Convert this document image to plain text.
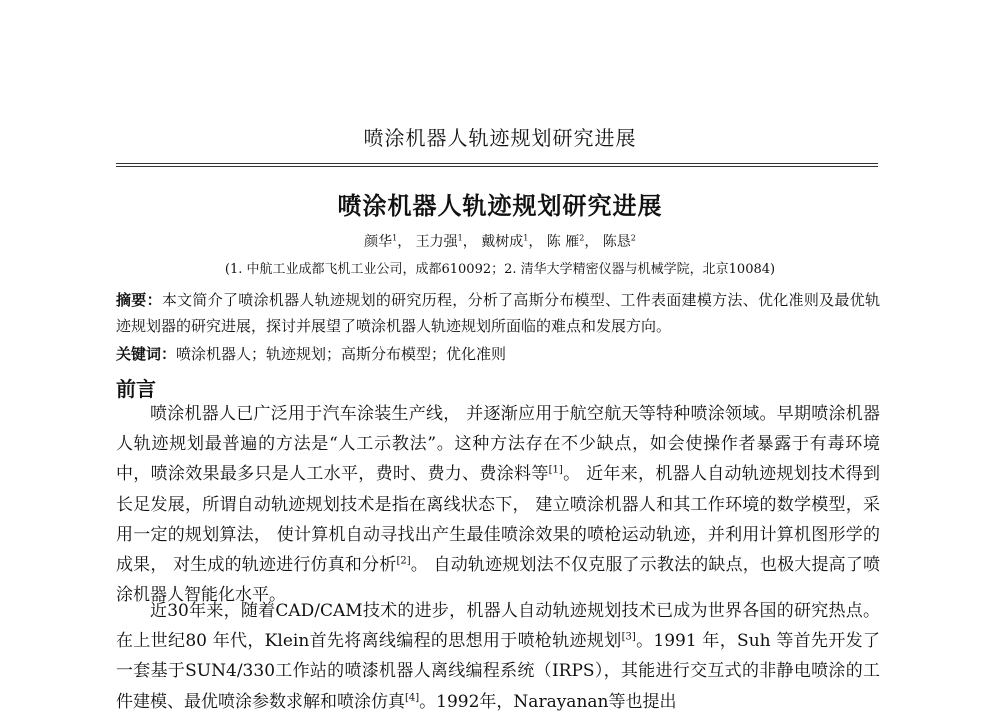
喷涂机器人轨迹规划研究进展
喷涂机器人轨迹规划研究进展
颜华$^1$， 王力强$^1$， 戴树成$^1$， 陈 雁$^2$， 陈恳$^2$
(1. 中航工业成都飞机工业公司，成都610092；2. 清华大学精密仪器与机械学院，北京10084)
摘要：本文简介了喷涂机器人轨迹规划的研究历程，分析了高斯分布模型、工件表面建模方法、优化准则及最优轨迹规划器的研究进展，探讨并展望了喷涂机器人轨迹规划所面临的难点和发展方向。
关键词：喷涂机器人；轨迹规划；高斯分布模型；优化准则
前言
喷涂机器人已广泛用于汽车涂装生产线， 并逐渐应用于航空航天等特种喷涂领域。早期喷涂机器人轨迹规划最普遍的方法是“人工示教法”。这种方法存在不少缺点，如会使操作者暴露于有毒环境中，喷涂效果最多只是人工水平，费时、费力、费涂料等[1]。 近年来，机器人自动轨迹规划技术得到长足发展，所谓自动轨迹规划技术是指在离线状态下， 建立喷涂机器人和其工作环境的数学模型，采用一定的规划算法， 使计算机自动寻找出产生最佳喷涂效果的喷枪运动轨迹，并利用计算机图形学的成果， 对生成的轨迹进行仿真和分析[2]。 自动轨迹规划法不仅克服了示教法的缺点，也极大提高了喷涂机器人智能化水平。
近30年来，随着CAD/CAM技术的进步，机器人自动轨迹规划技术已成为世界各国的研究热点。在上世纪80 年代，Klein首先将离线编程的思想用于喷枪轨迹规划[3]。1991 年，Suh 等首先开发了一套基于SUN4/330工作站的喷漆机器人离线编程系统（IRPS），其能进行交互式的非静电喷涂的工件建模、最优喷涂参数求解和喷涂仿真[4]。1992年，Narayanan等也提出
